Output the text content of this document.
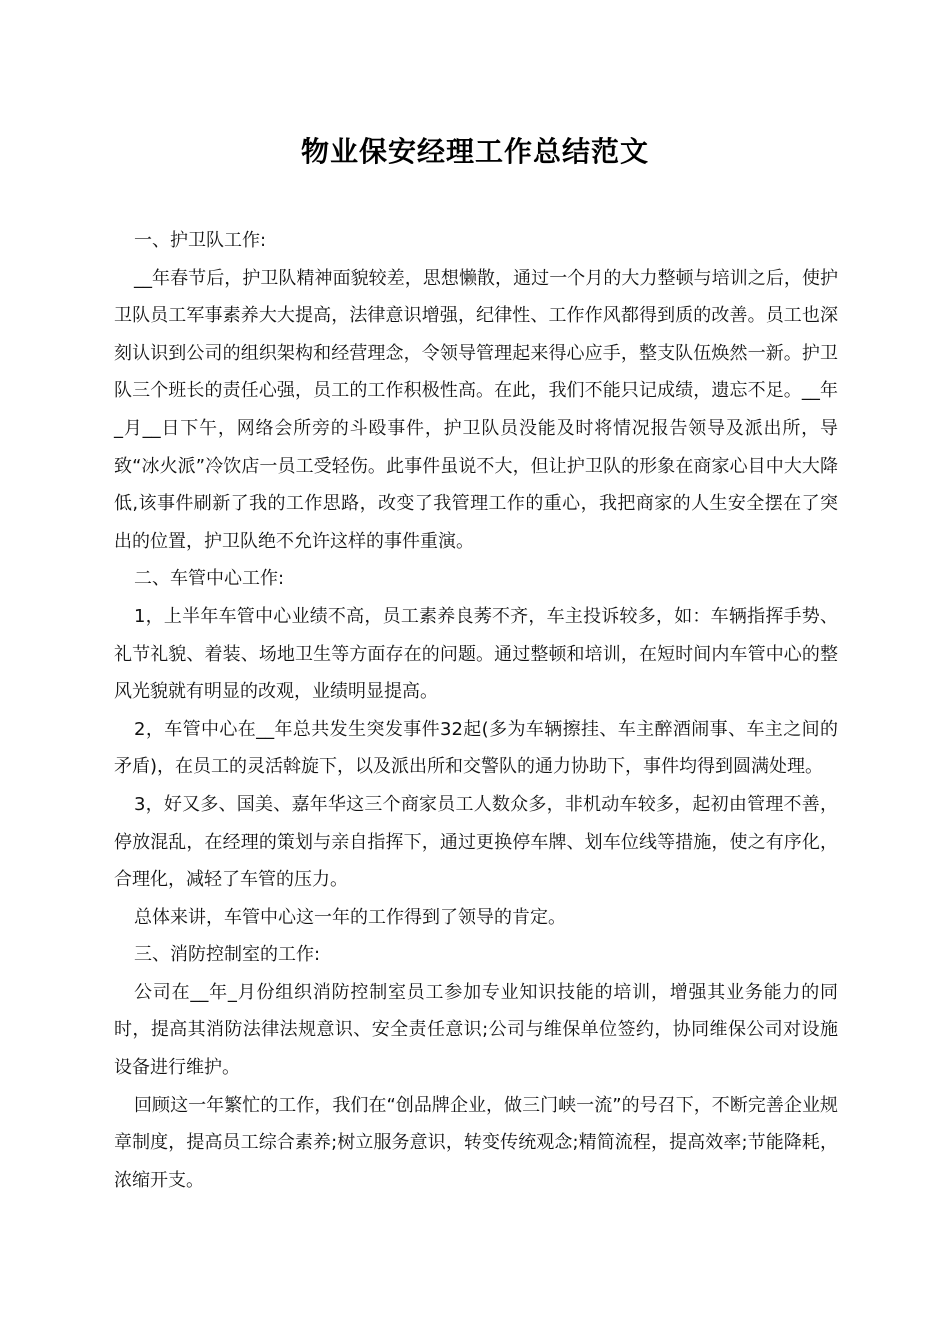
物业保安经理工作总结范文

一、护卫队工作:

__年春节后，护卫队精神面貌较差，思想懒散，通过一个月的大力整顿与培训之后，使护卫队员工军事素养大大提高，法律意识增强，纪律性、工作作风都得到质的改善。员工也深刻认识到公司的组织架构和经营理念，令领导管理起来得心应手，整支队伍焕然一新。护卫队三个班长的责任心强，员工的工作积极性高。在此，我们不能只记成绩，遗忘不足。__年_月__日下午，网络会所旁的斗殴事件，护卫队员没能及时将情况报告领导及派出所，导致“冰火派”冷饮店一员工受轻伤。此事件虽说不大，但让护卫队的形象在商家心目中大大降低,该事件刷新了我的工作思路，改变了我管理工作的重心，我把商家的人生安全摆在了突出的位置，护卫队绝不允许这样的事件重演。

二、车管中心工作:

1，上半年车管中心业绩不高，员工素养良莠不齐，车主投诉较多，如：车辆指挥手势、礼节礼貌、着装、场地卫生等方面存在的问题。通过整顿和培训，在短时间内车管中心的整风光貌就有明显的改观，业绩明显提高。

2，车管中心在__年总共发生突发事件32起(多为车辆擦挂、车主醉酒闹事、车主之间的矛盾)，在员工的灵活斡旋下，以及派出所和交警队的通力协助下，事件均得到圆满处理。

3，好又多、国美、嘉年华这三个商家员工人数众多，非机动车较多，起初由管理不善，停放混乱，在经理的策划与亲自指挥下，通过更换停车牌、划车位线等措施，使之有序化，合理化，减轻了车管的压力。

总体来讲，车管中心这一年的工作得到了领导的肯定。

三、消防控制室的工作:

公司在__年_月份组织消防控制室员工参加专业知识技能的培训，增强其业务能力的同时，提高其消防法律法规意识、安全责任意识;公司与维保单位签约，协同维保公司对设施设备进行维护。

回顾这一年繁忙的工作，我们在“创品牌企业，做三门峡一流”的号召下，不断完善企业规章制度，提高员工综合素养;树立服务意识，转变传统观念;精简流程，提高效率;节能降耗，浓缩开支。
